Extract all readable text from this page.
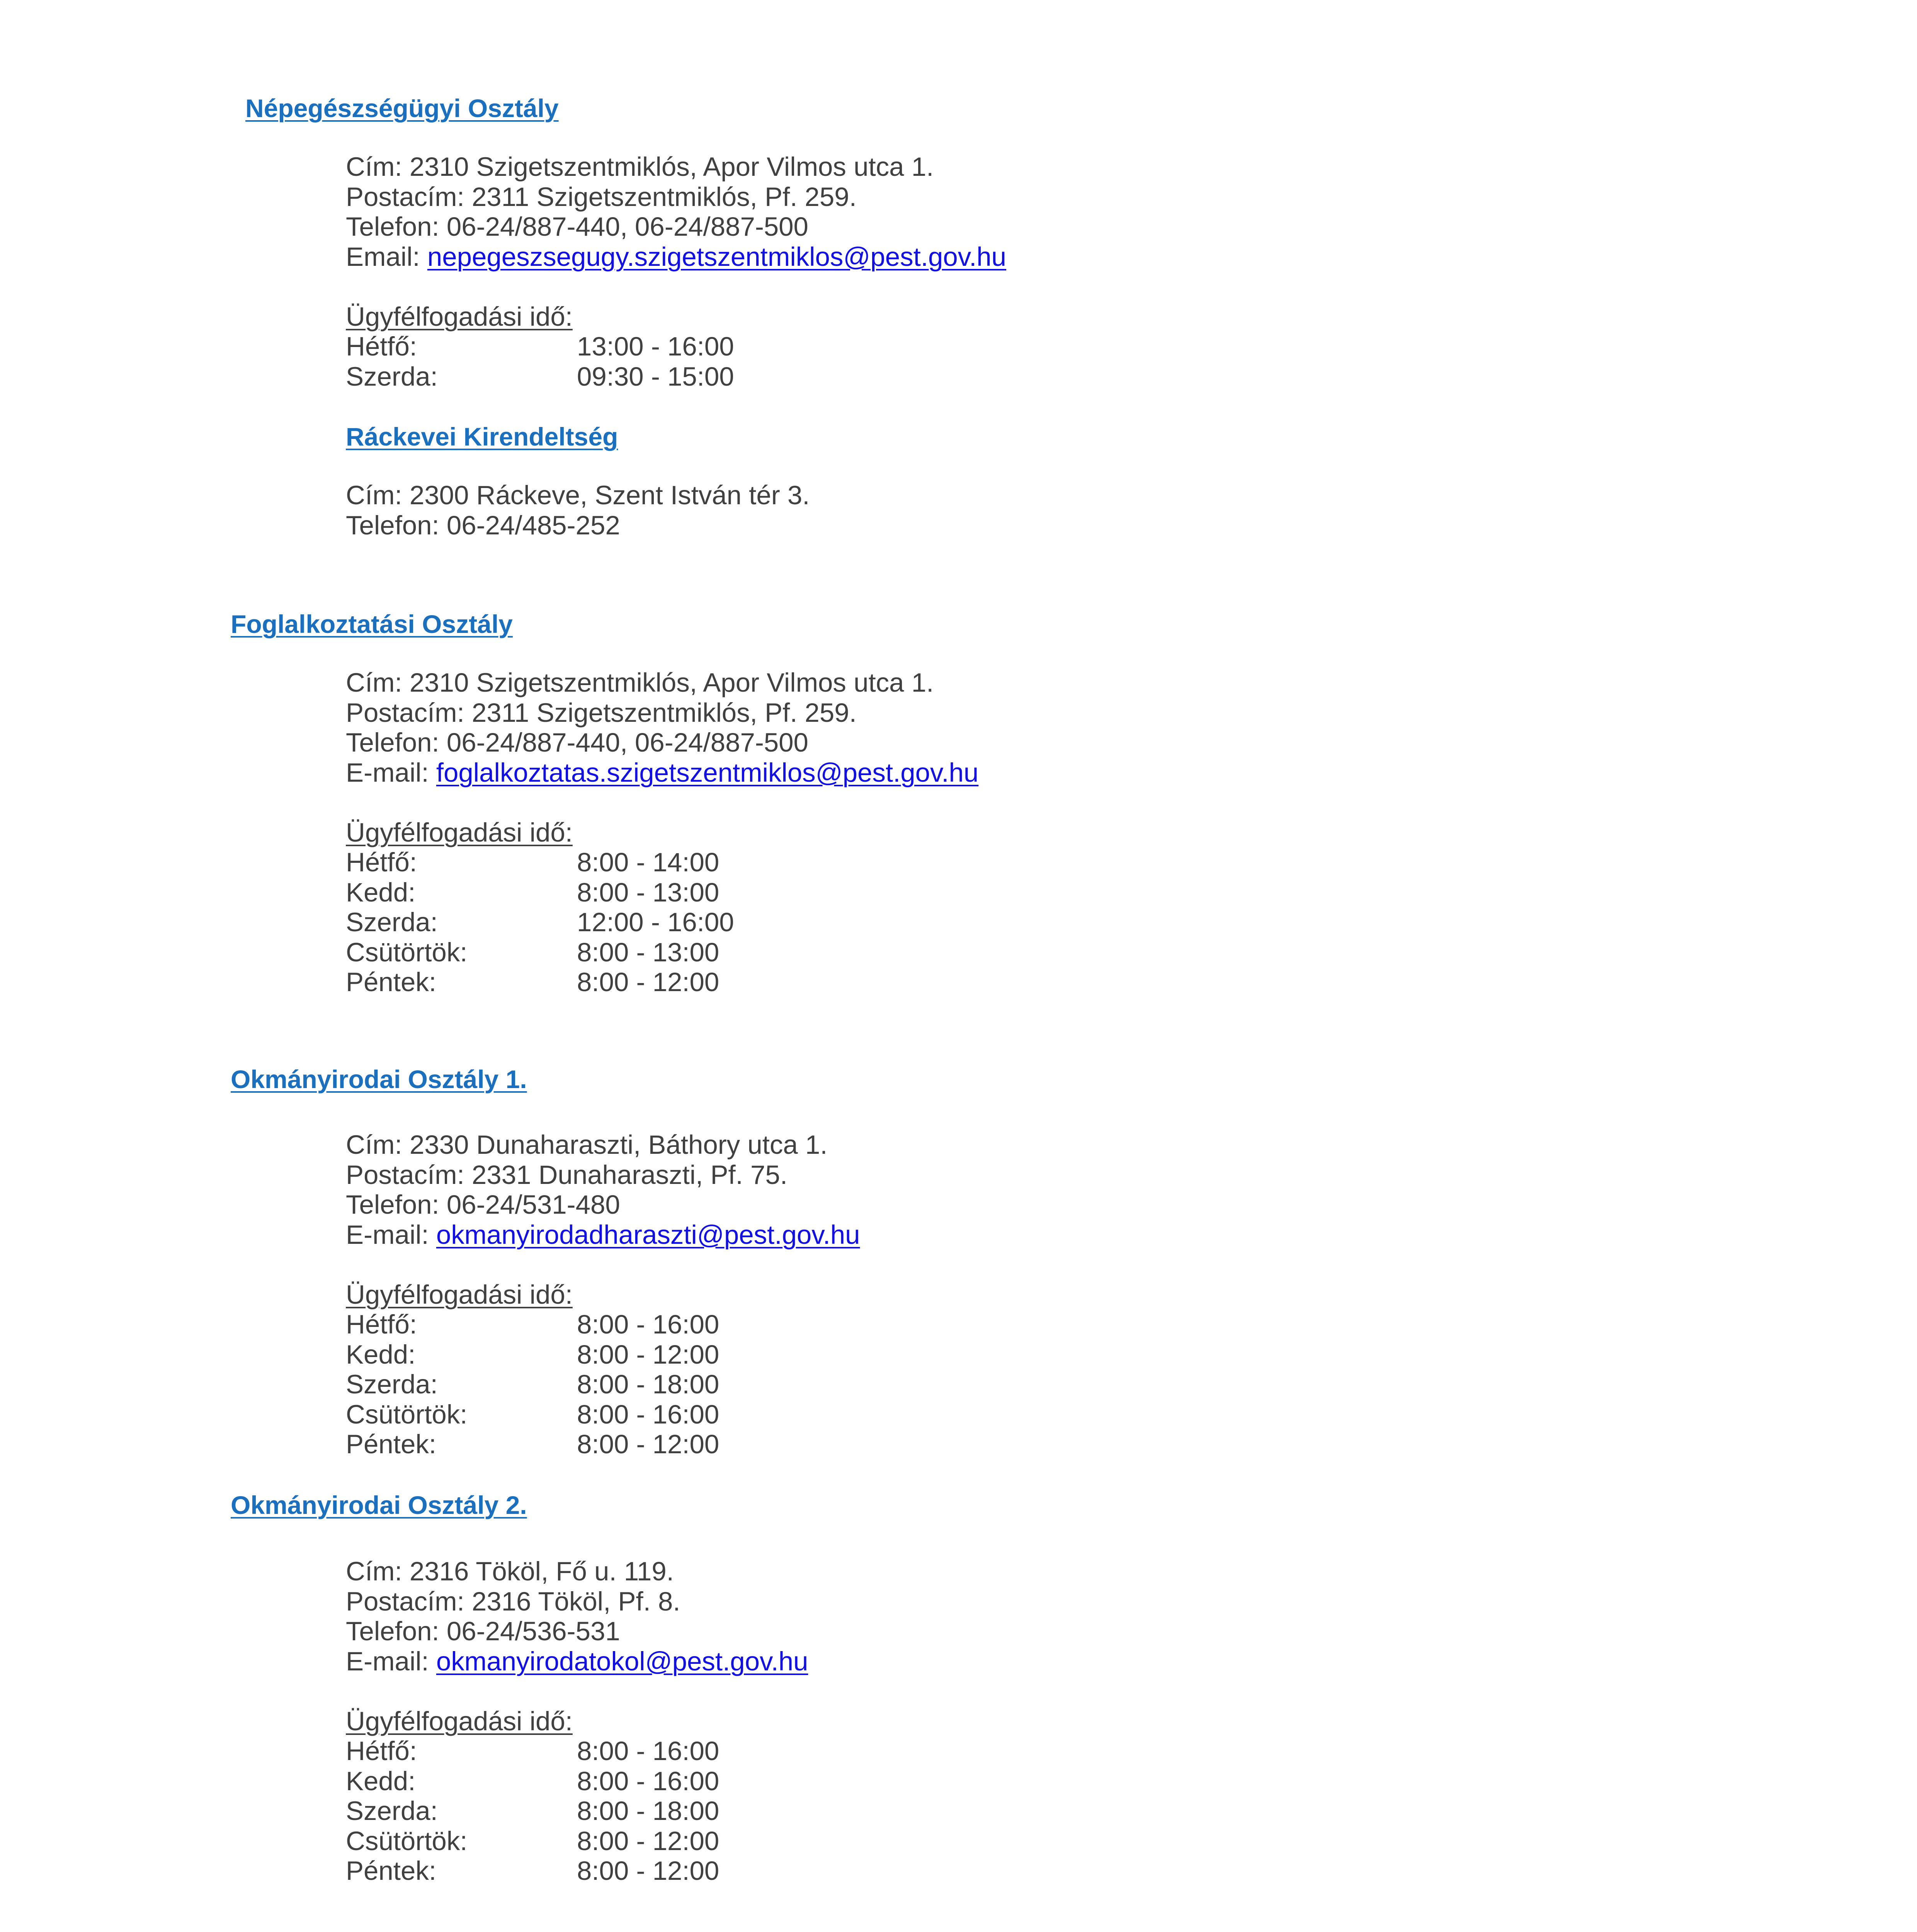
Népegészségügyi Osztály
Cím: 2310 Szigetszentmiklós, Apor Vilmos utca 1.
Postacím: 2311 Szigetszentmiklós, Pf. 259.
Telefon: 06-24/887-440, 06-24/887-500
Email: nepegeszsegugy.szigetszentmiklos@pest.gov.hu
Ügyfélfogadási idő:
Hétfő:	13:00 - 16:00
Szerda:	09:30 - 15:00
Ráckevei Kirendeltség
Cím: 2300 Ráckeve, Szent István tér 3.
Telefon: 06-24/485-252
Foglalkoztatási Osztály
Cím: 2310 Szigetszentmiklós, Apor Vilmos utca 1.
Postacím: 2311 Szigetszentmiklós, Pf. 259.
Telefon: 06-24/887-440, 06-24/887-500
E-mail: foglalkoztatas.szigetszentmiklos@pest.gov.hu
Ügyfélfogadási idő:
Hétfő:	8:00 - 14:00
Kedd:	8:00 - 13:00
Szerda:	12:00 - 16:00
Csütörtök:	8:00 - 13:00
Péntek:	8:00 - 12:00
Okmányirodai Osztály 1.
Cím: 2330 Dunaharaszti, Báthory utca 1.
Postacím: 2331 Dunaharaszti, Pf. 75.
Telefon: 06-24/531-480
E-mail: okmanyirodadharaszti@pest.gov.hu
Ügyfélfogadási idő:
Hétfő:	8:00 - 16:00
Kedd:	8:00 - 12:00
Szerda:	8:00 - 18:00
Csütörtök:	8:00 - 16:00
Péntek:	8:00 - 12:00
Okmányirodai Osztály 2.
Cím: 2316 Tököl, Fő u. 119.
Postacím: 2316 Tököl, Pf. 8.
Telefon: 06-24/536-531
E-mail: okmanyirodatokol@pest.gov.hu
Ügyfélfogadási idő:
Hétfő:	8:00 - 16:00
Kedd:	8:00 - 16:00
Szerda:	8:00 - 18:00
Csütörtök:	8:00 - 12:00
Péntek:	8:00 - 12:00
